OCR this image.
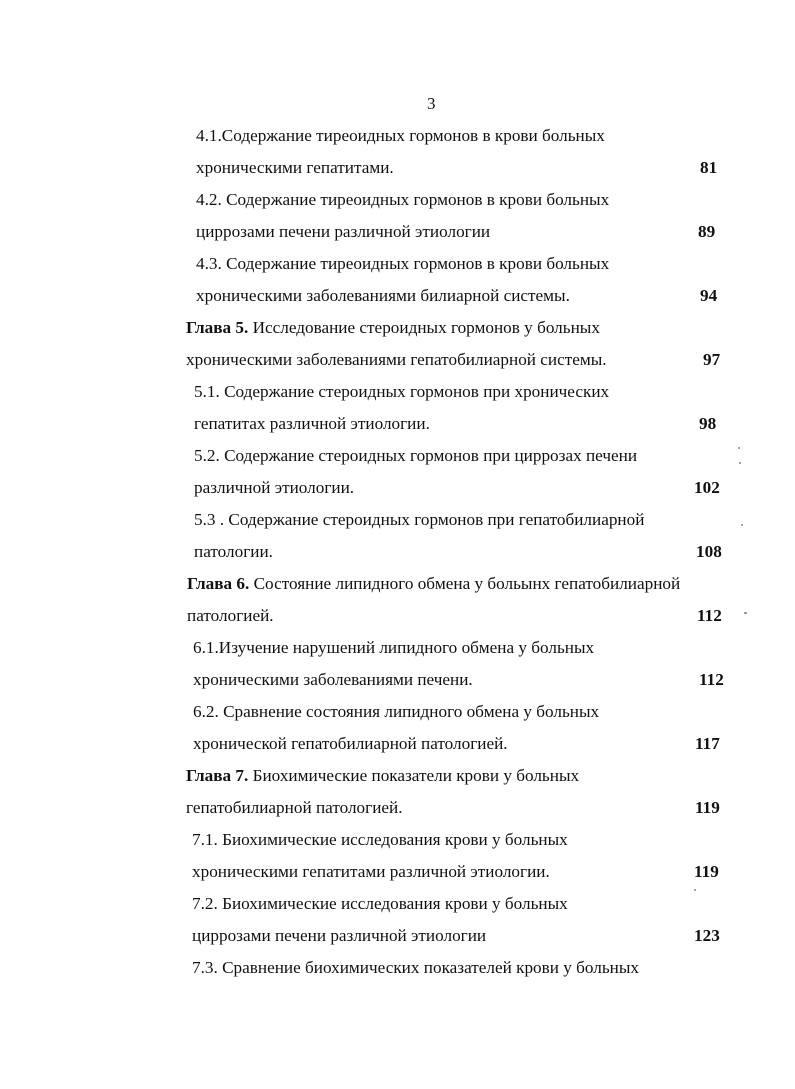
3
4.1.Содержание тиреоидных гормонов в крови больных
хроническими гепатитами.	81
4.2. Содержание тиреоидных гормонов в крови больных
циррозами печени различной этиологии	89
4.3. Содержание тиреоидных гормонов в крови больных
хроническими заболеваниями билиарной системы.	94
Глава 5. Исследование стероидных гормонов у больных
хроническими заболеваниями гепатобилиарной системы.	97
5.1. Содержание стероидных гормонов при хронических
гепатитах различной этиологии.	98
5.2. Содержание стероидных гормонов при циррозах печени
различной этиологии.	102
5.3 . Содержание стероидных гормонов при гепатобилиарной
патологии.	108
Глава 6. Состояние липидного обмена у больынх гепатобилиарной
патологией.	112
6.1.Изучение нарушений липидного обмена у больных
хроническими заболеваниями печени.	112
6.2. Сравнение состояния липидного обмена у больных
хронической гепатобилиарной патологией.	117
Глава 7. Биохимические показатели крови у больных
гепатобилиарной патологией.	119
7.1. Биохимические исследования крови у больных
хроническими гепатитами различной этиологии.	119
7.2. Биохимические исследования крови у больных
циррозами печени различной этиологии	123
7.3. Сравнение биохимических показателей крови у больных
